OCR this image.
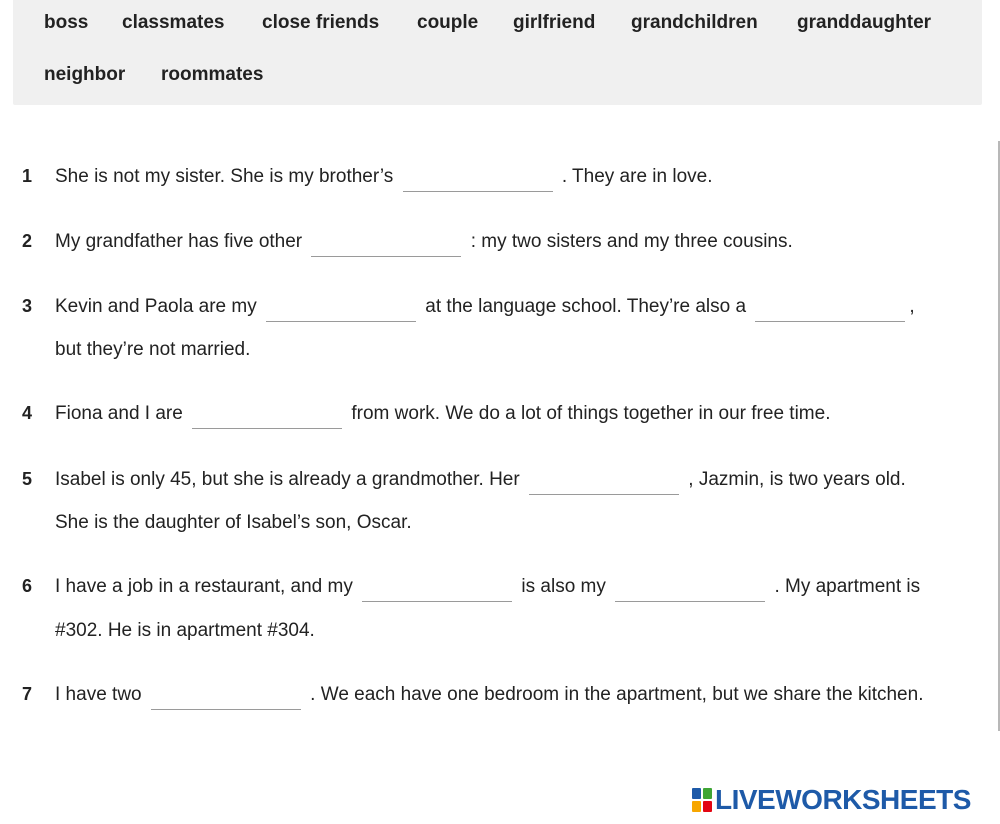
boss classmates close friends couple girlfriend grandchildren granddaughter
neighbor roommates
1 She is not my sister. She is my brother’s	. They are in love.
2 My grandfather has five other	: my two sisters and my three cousins.
3 Kevin and Paola are my	at the language school. They’re also a	,
but they’re not married.
4 Fiona and I are	from work. We do a lot of things together in our free time.
5 Isabel is only 45, but she is already a grandmother. Her	, Jazmin, is two years old.
She is the daughter of Isabel’s son, Oscar.
6 I have a job in a restaurant, and my	is also my	. My apartment is
#302. He is in apartment #304.
7 I have two	. We each have one bedroom in the apartment, but we share the kitchen.
LIVEWORKSHEETS
